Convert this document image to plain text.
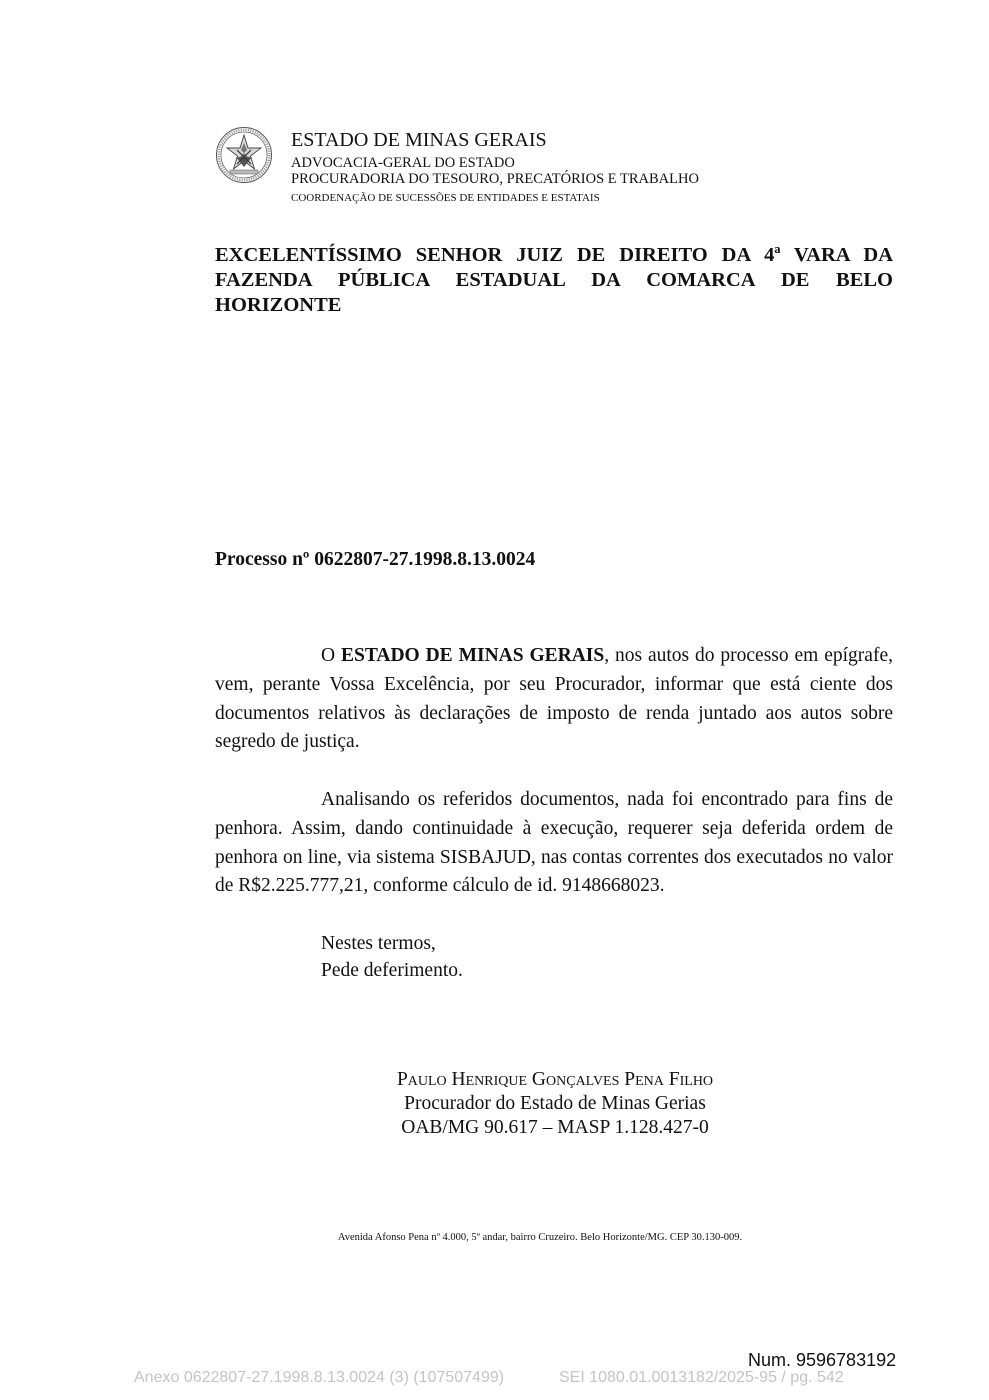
ESTADO DE MINAS GERAIS
ADVOCACIA-GERAL DO ESTADO
PROCURADORIA DO TESOURO, PRECATÓRIOS E TRABALHO
COORDENAÇÃO DE SUCESSÕES DE ENTIDADES E ESTATAIS
EXCELENTÍSSIMO SENHOR JUIZ DE DIREITO DA 4ª VARA DA FAZENDA PÚBLICA ESTADUAL DA COMARCA DE BELO HORIZONTE
Processo nº 0622807-27.1998.8.13.0024
O ESTADO DE MINAS GERAIS, nos autos do processo em epígrafe, vem, perante Vossa Excelência, por seu Procurador, informar que está ciente dos documentos relativos às declarações de imposto de renda juntado aos autos sobre segredo de justiça.
Analisando os referidos documentos, nada foi encontrado para fins de penhora. Assim, dando continuidade à execução, requerer seja deferida ordem de penhora on line, via sistema SISBAJUD, nas contas correntes dos executados no valor de R$2.225.777,21, conforme cálculo de id. 9148668023.
Nestes termos,
Pede deferimento.
Paulo Henrique Gonçalves Pena Filho
Procurador do Estado de Minas Gerias
OAB/MG 90.617 – MASP 1.128.427-0
Avenida Afonso Pena nº 4.000, 5º andar, bairro Cruzeiro. Belo Horizonte/MG. CEP 30.130-009.
Num. 9596783192
Anexo 0622807-27.1998.8.13.0024 (3) (107507499)	SEI 1080.01.0013182/2025-95 / pg. 542
